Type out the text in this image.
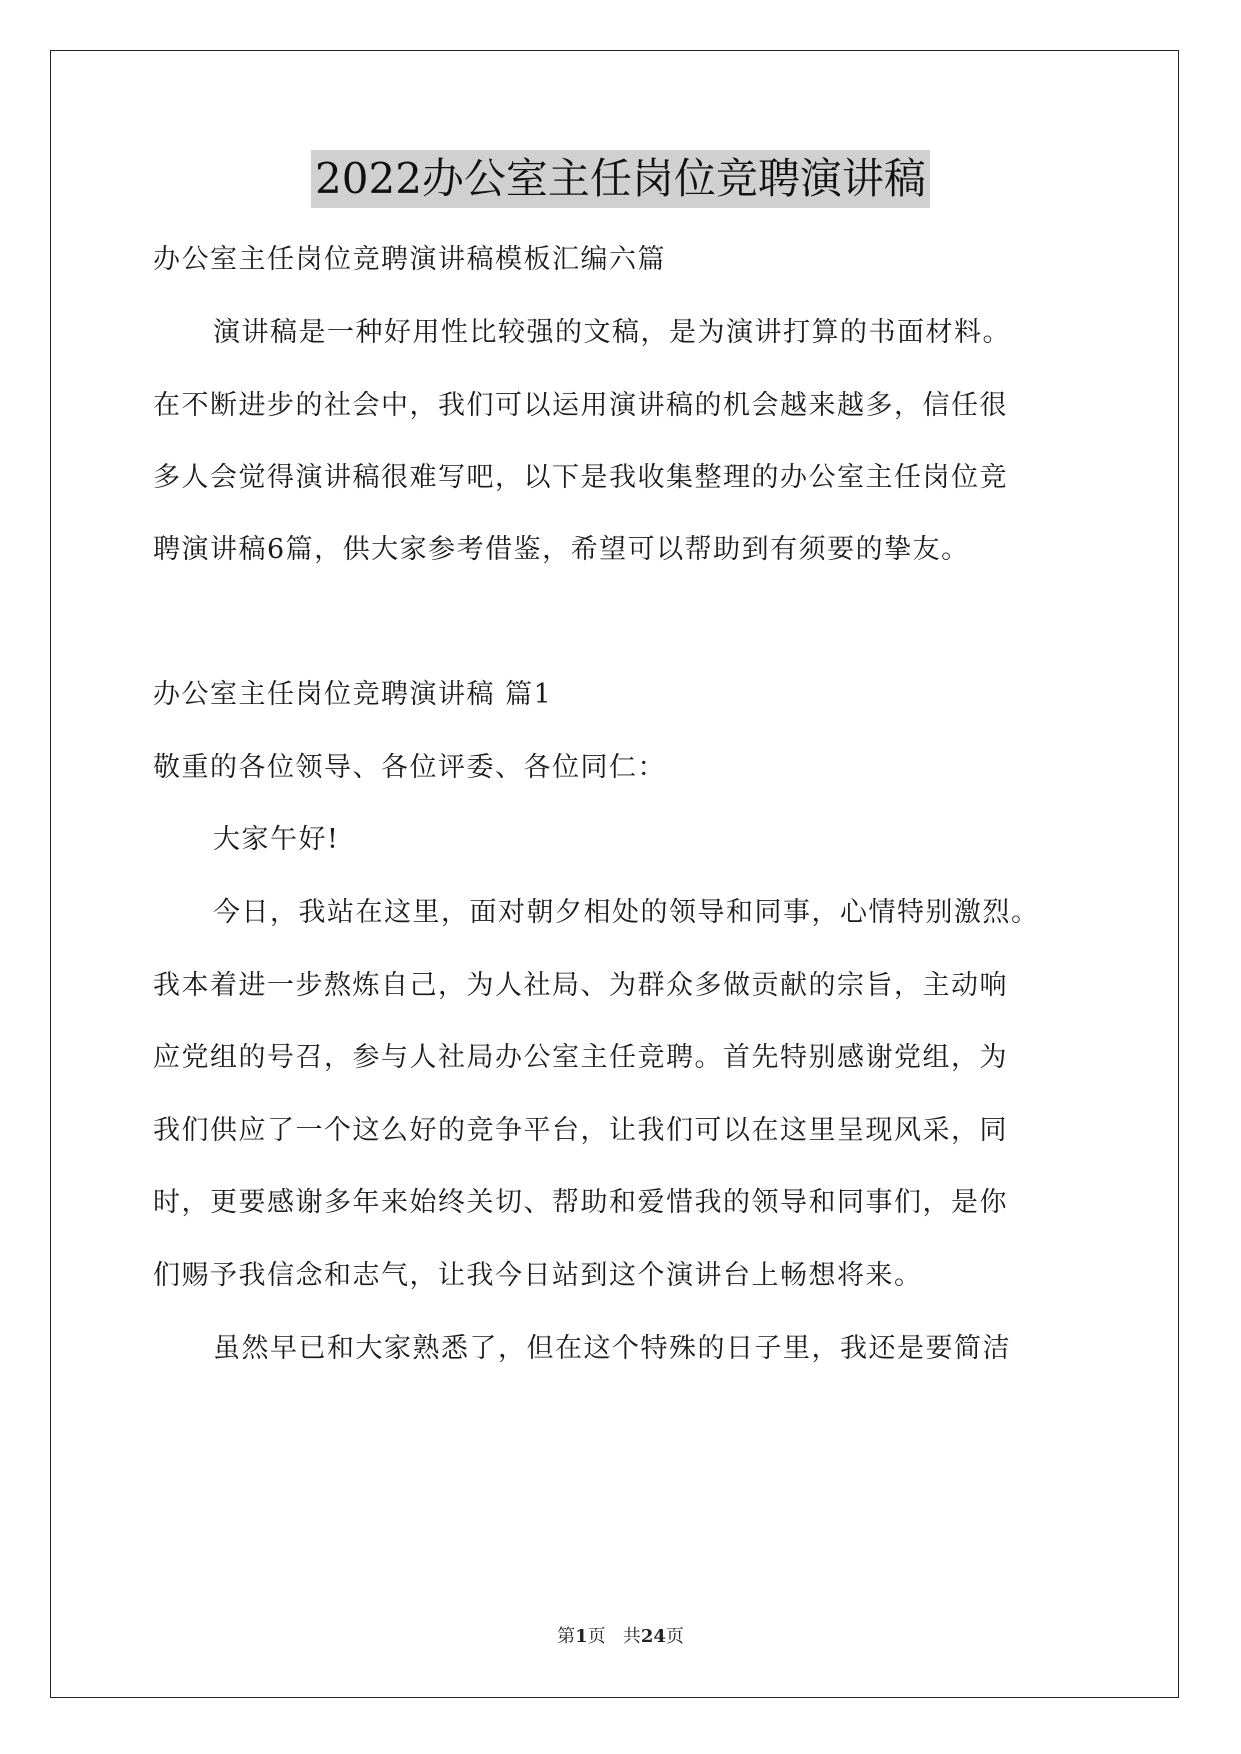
2022办公室主任岗位竞聘演讲稿
办公室主任岗位竞聘演讲稿模板汇编六篇
演讲稿是一种好用性比较强的文稿，是为演讲打算的书面材料。
在不断进步的社会中，我们可以运用演讲稿的机会越来越多，信任很
多人会觉得演讲稿很难写吧，以下是我收集整理的办公室主任岗位竞
聘演讲稿6篇，供大家参考借鉴，希望可以帮助到有须要的挚友。
办公室主任岗位竞聘演讲稿 篇1
敬重的各位领导、各位评委、各位同仁：
大家午好!
今日，我站在这里，面对朝夕相处的领导和同事，心情特别激烈。
我本着进一步熬炼自己，为人社局、为群众多做贡献的宗旨，主动响
应党组的号召，参与人社局办公室主任竞聘。首先特别感谢党组，为
我们供应了一个这么好的竞争平台，让我们可以在这里呈现风采，同
时，更要感谢多年来始终关切、帮助和爱惜我的领导和同事们，是你
们赐予我信念和志气，让我今日站到这个演讲台上畅想将来。
虽然早已和大家熟悉了，但在这个特殊的日子里，我还是要简洁
第1页 共24页
